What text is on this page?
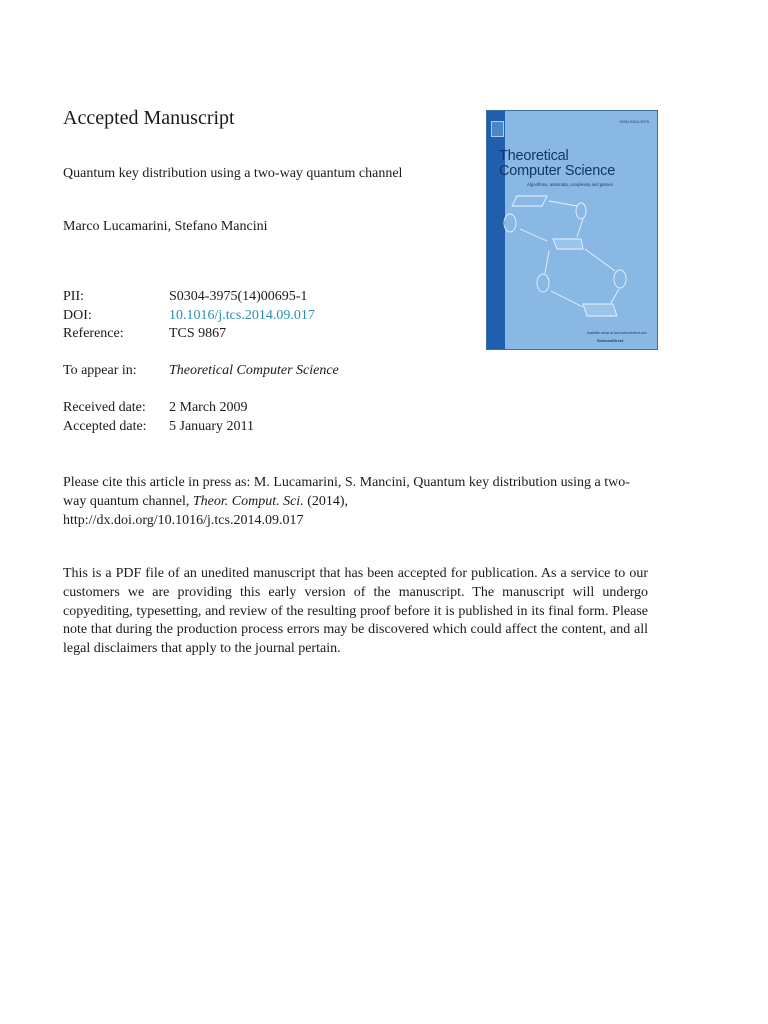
Accepted Manuscript
Quantum key distribution using a two-way quantum channel
Marco Lucamarini, Stefano Mancini
PII:	S0304-3975(14)00695-1
DOI:	10.1016/j.tcs.2014.09.017
Reference:	TCS 9867
To appear in:	Theoretical Computer Science
Received date:	2 March 2009
Accepted date:	5 January 2011
Please cite this article in press as: M. Lucamarini, S. Mancini, Quantum key distribution using a two-way quantum channel, Theor. Comput. Sci. (2014),
http://dx.doi.org/10.1016/j.tcs.2014.09.017
This is a PDF file of an unedited manuscript that has been accepted for publication. As a service to our customers we are providing this early version of the manuscript. The manuscript will undergo copyediting, typesetting, and review of the resulting proof before it is published in its final form. Please note that during the production process errors may be discovered which could affect the content, and all legal disclaimers that apply to the journal pertain.
ISSN 0304-3975
Theoretical
Computer Science
Algorithms, automata, complexity and games
Available online at www.sciencedirect.com
ScienceDirect
